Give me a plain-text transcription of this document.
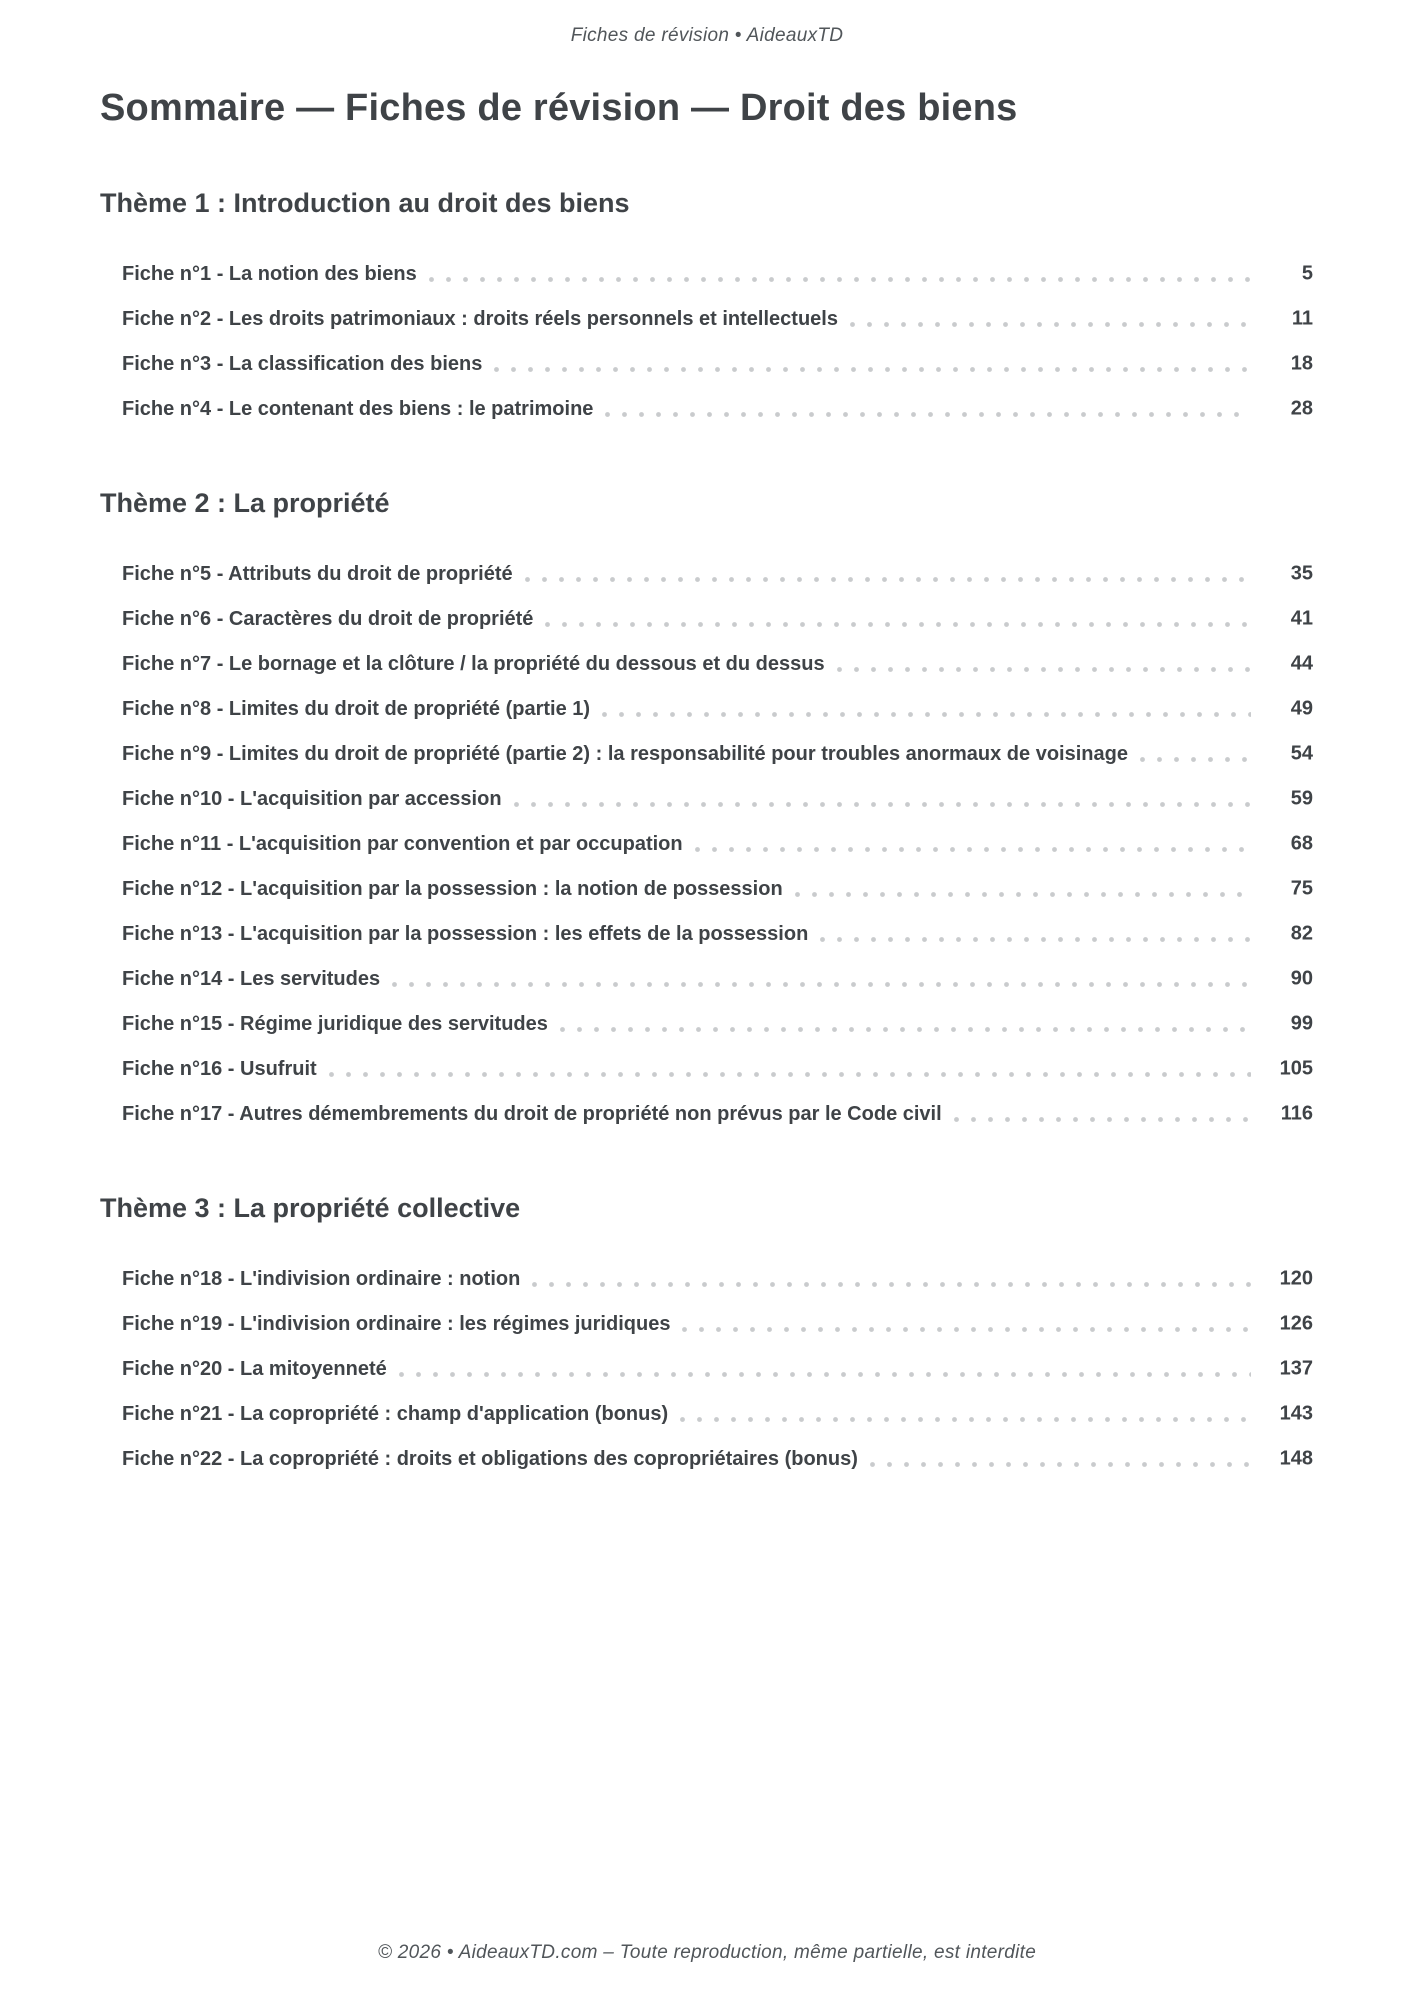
Fiches de révision • AideauxTD
Sommaire — Fiches de révision — Droit des biens
Thème 1 : Introduction au droit des biens
Fiche n°1 - La notion des biens	5
Fiche n°2 - Les droits patrimoniaux : droits réels personnels et intellectuels	11
Fiche n°3 - La classification des biens	18
Fiche n°4 - Le contenant des biens : le patrimoine	28
Thème 2 : La propriété
Fiche n°5 - Attributs du droit de propriété	35
Fiche n°6 - Caractères du droit de propriété	41
Fiche n°7 - Le bornage et la clôture / la propriété du dessous et du dessus	44
Fiche n°8 - Limites du droit de propriété (partie 1)	49
Fiche n°9 - Limites du droit de propriété (partie 2) : la responsabilité pour troubles anormaux de voisinage	54
Fiche n°10 - L'acquisition par accession	59
Fiche n°11 - L'acquisition par convention et par occupation	68
Fiche n°12 - L'acquisition par la possession : la notion de possession	75
Fiche n°13 - L'acquisition par la possession : les effets de la possession	82
Fiche n°14 - Les servitudes	90
Fiche n°15 - Régime juridique des servitudes	99
Fiche n°16 - Usufruit	105
Fiche n°17 - Autres démembrements du droit de propriété non prévus par le Code civil	116
Thème 3 : La propriété collective
Fiche n°18 - L'indivision ordinaire : notion	120
Fiche n°19 - L'indivision ordinaire : les régimes juridiques	126
Fiche n°20 - La mitoyenneté	137
Fiche n°21 - La copropriété : champ d'application (bonus)	143
Fiche n°22 - La copropriété : droits et obligations des copropriétaires (bonus)	148
© 2026 • AideauxTD.com – Toute reproduction, même partielle, est interdite
